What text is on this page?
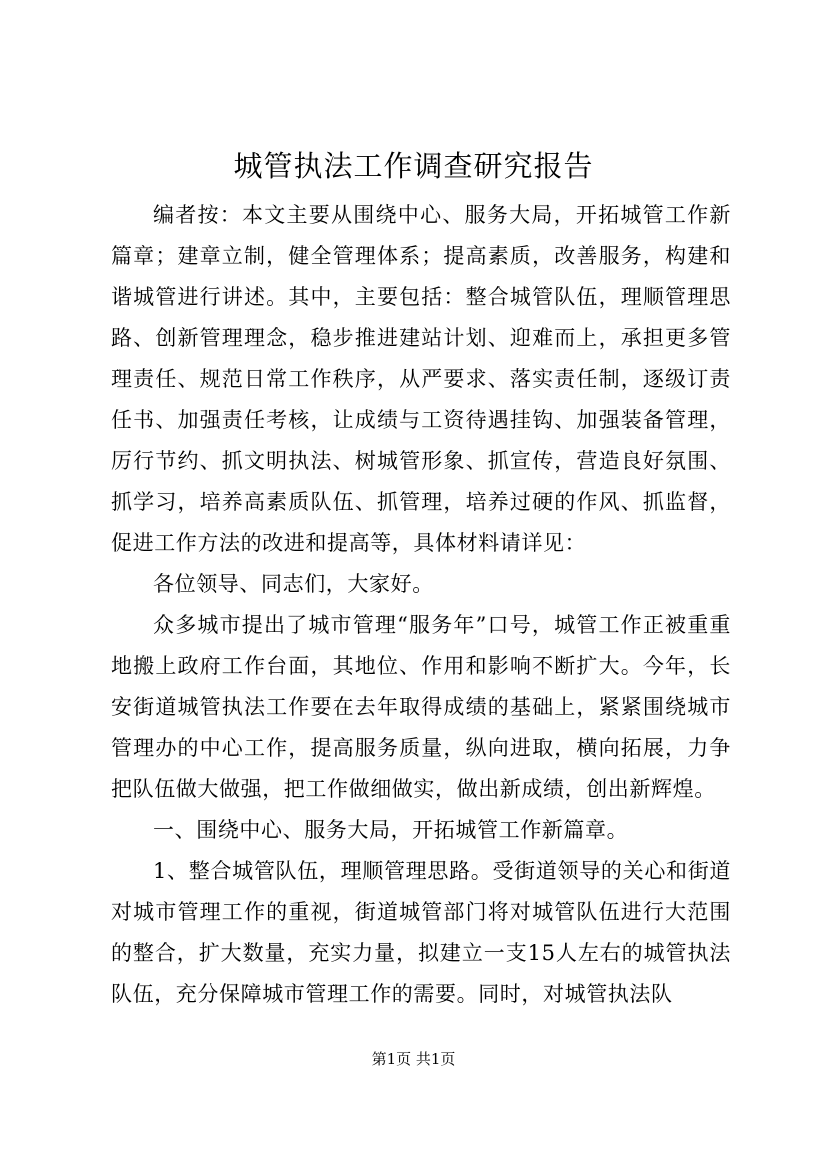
城管执法工作调查研究报告

编者按：本文主要从围绕中心、服务大局，开拓城管工作新篇章；建章立制，健全管理体系；提高素质，改善服务，构建和谐城管进行讲述。其中，主要包括：整合城管队伍，理顺管理思路、创新管理理念，稳步推进建站计划、迎难而上，承担更多管理责任、规范日常工作秩序，从严要求、落实责任制，逐级订责任书、加强责任考核，让成绩与工资待遇挂钩、加强装备管理，厉行节约、抓文明执法、树城管形象、抓宣传，营造良好氛围、抓学习，培养高素质队伍、抓管理，培养过硬的作风、抓监督，促进工作方法的改进和提高等，具体材料请详见：

各位领导、同志们，大家好。

众多城市提出了城市管理“服务年”口号，城管工作正被重重地搬上政府工作台面，其地位、作用和影响不断扩大。今年，长安街道城管执法工作要在去年取得成绩的基础上，紧紧围绕城市管理办的中心工作，提高服务质量，纵向进取，横向拓展，力争把队伍做大做强，把工作做细做实，做出新成绩，创出新辉煌。

一、围绕中心、服务大局，开拓城管工作新篇章。

1、整合城管队伍，理顺管理思路。受街道领导的关心和街道对城市管理工作的重视，街道城管部门将对城管队伍进行大范围的整合，扩大数量，充实力量，拟建立一支15人左右的城管执法队伍，充分保障城市管理工作的需要。同时，对城管执法队

第1页 共1页
